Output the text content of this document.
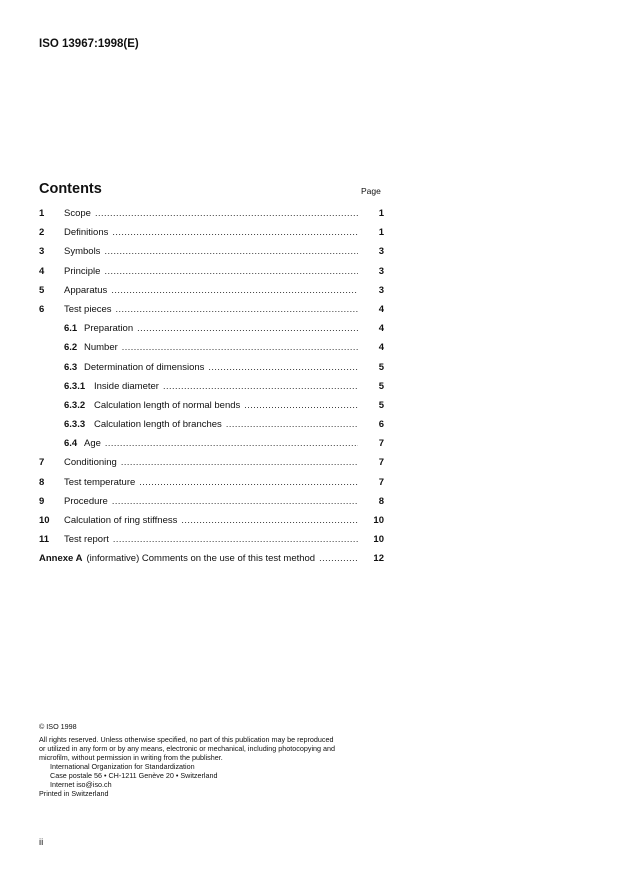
ISO 13967:1998(E)
Contents	Page
1	Scope .....	1
2	Definitions .....	1
3	Symbols .....	3
4	Principle .....	3
5	Apparatus .....	3
6	Test pieces .....	4
6.1 Preparation .....	4
6.2 Number .....	4
6.3 Determination of dimensions .....	5
6.3.1 Inside diameter .....	5
6.3.2 Calculation length of normal bends .....	5
6.3.3 Calculation length of branches .....	6
6.4 Age .....	7
7	Conditioning .....	7
8	Test temperature .....	7
9	Procedure .....	8
10	Calculation of ring stiffness .....	10
11	Test report .....	10
Annexe A (informative) Comments on the use of this test method .....	12

© ISO 1998

All rights reserved. Unless otherwise specified, no part of this publication may be reproduced

or utilized in any form or by any means, electronic or mechanical, including photocopying and

microfilm, without permission in writing from the publisher.

International Organization for Standardization

Case postale 56 • CH-1211 Genève 20 • Switzerland

Internet iso@iso.ch

Printed in Switzerland

ii
